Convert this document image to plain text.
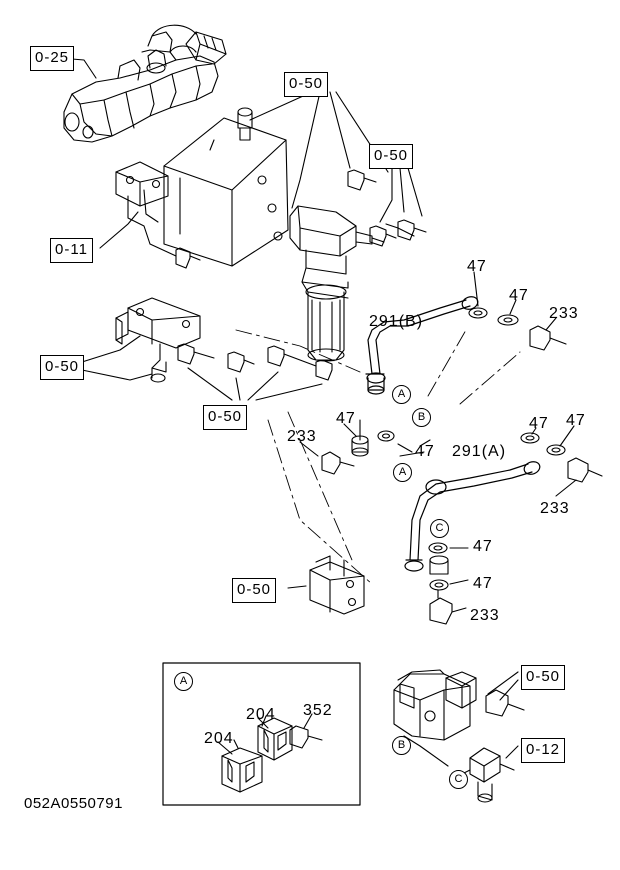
0-25
0-50
0-50
0-11
0-50
0-50
0-50
0-50
0-12
47
47
233
291(B)
47 47
47
233
47 291(A)
233
47
47
233
204 352
204
A
B
A
C
A
B
C
052A0550791
